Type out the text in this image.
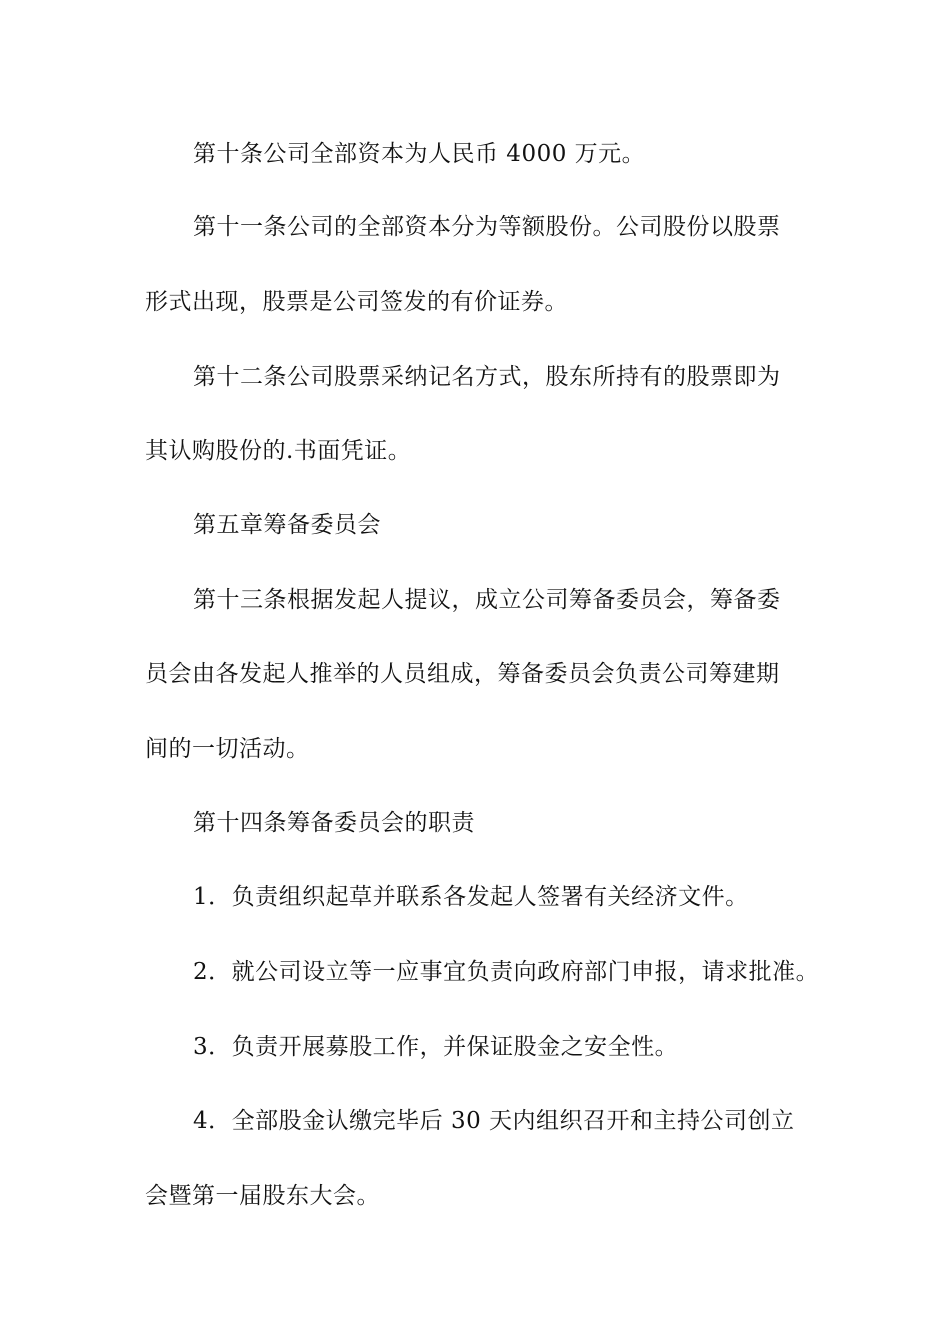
第十条公司全部资本为人民币 4000 万元。

第十一条公司的全部资本分为等额股份。公司股份以股票

形式出现，股票是公司签发的有价证券。

第十二条公司股票采纳记名方式，股东所持有的股票即为

其认购股份的.书面凭证。

第五章筹备委员会

第十三条根据发起人提议，成立公司筹备委员会，筹备委

员会由各发起人推举的人员组成，筹备委员会负责公司筹建期

间的一切活动。

第十四条筹备委员会的职责

1．负责组织起草并联系各发起人签署有关经济文件。

2．就公司设立等一应事宜负责向政府部门申报，请求批准。

3．负责开展募股工作，并保证股金之安全性。

4．全部股金认缴完毕后 30 天内组织召开和主持公司创立

会暨第一届股东大会。
